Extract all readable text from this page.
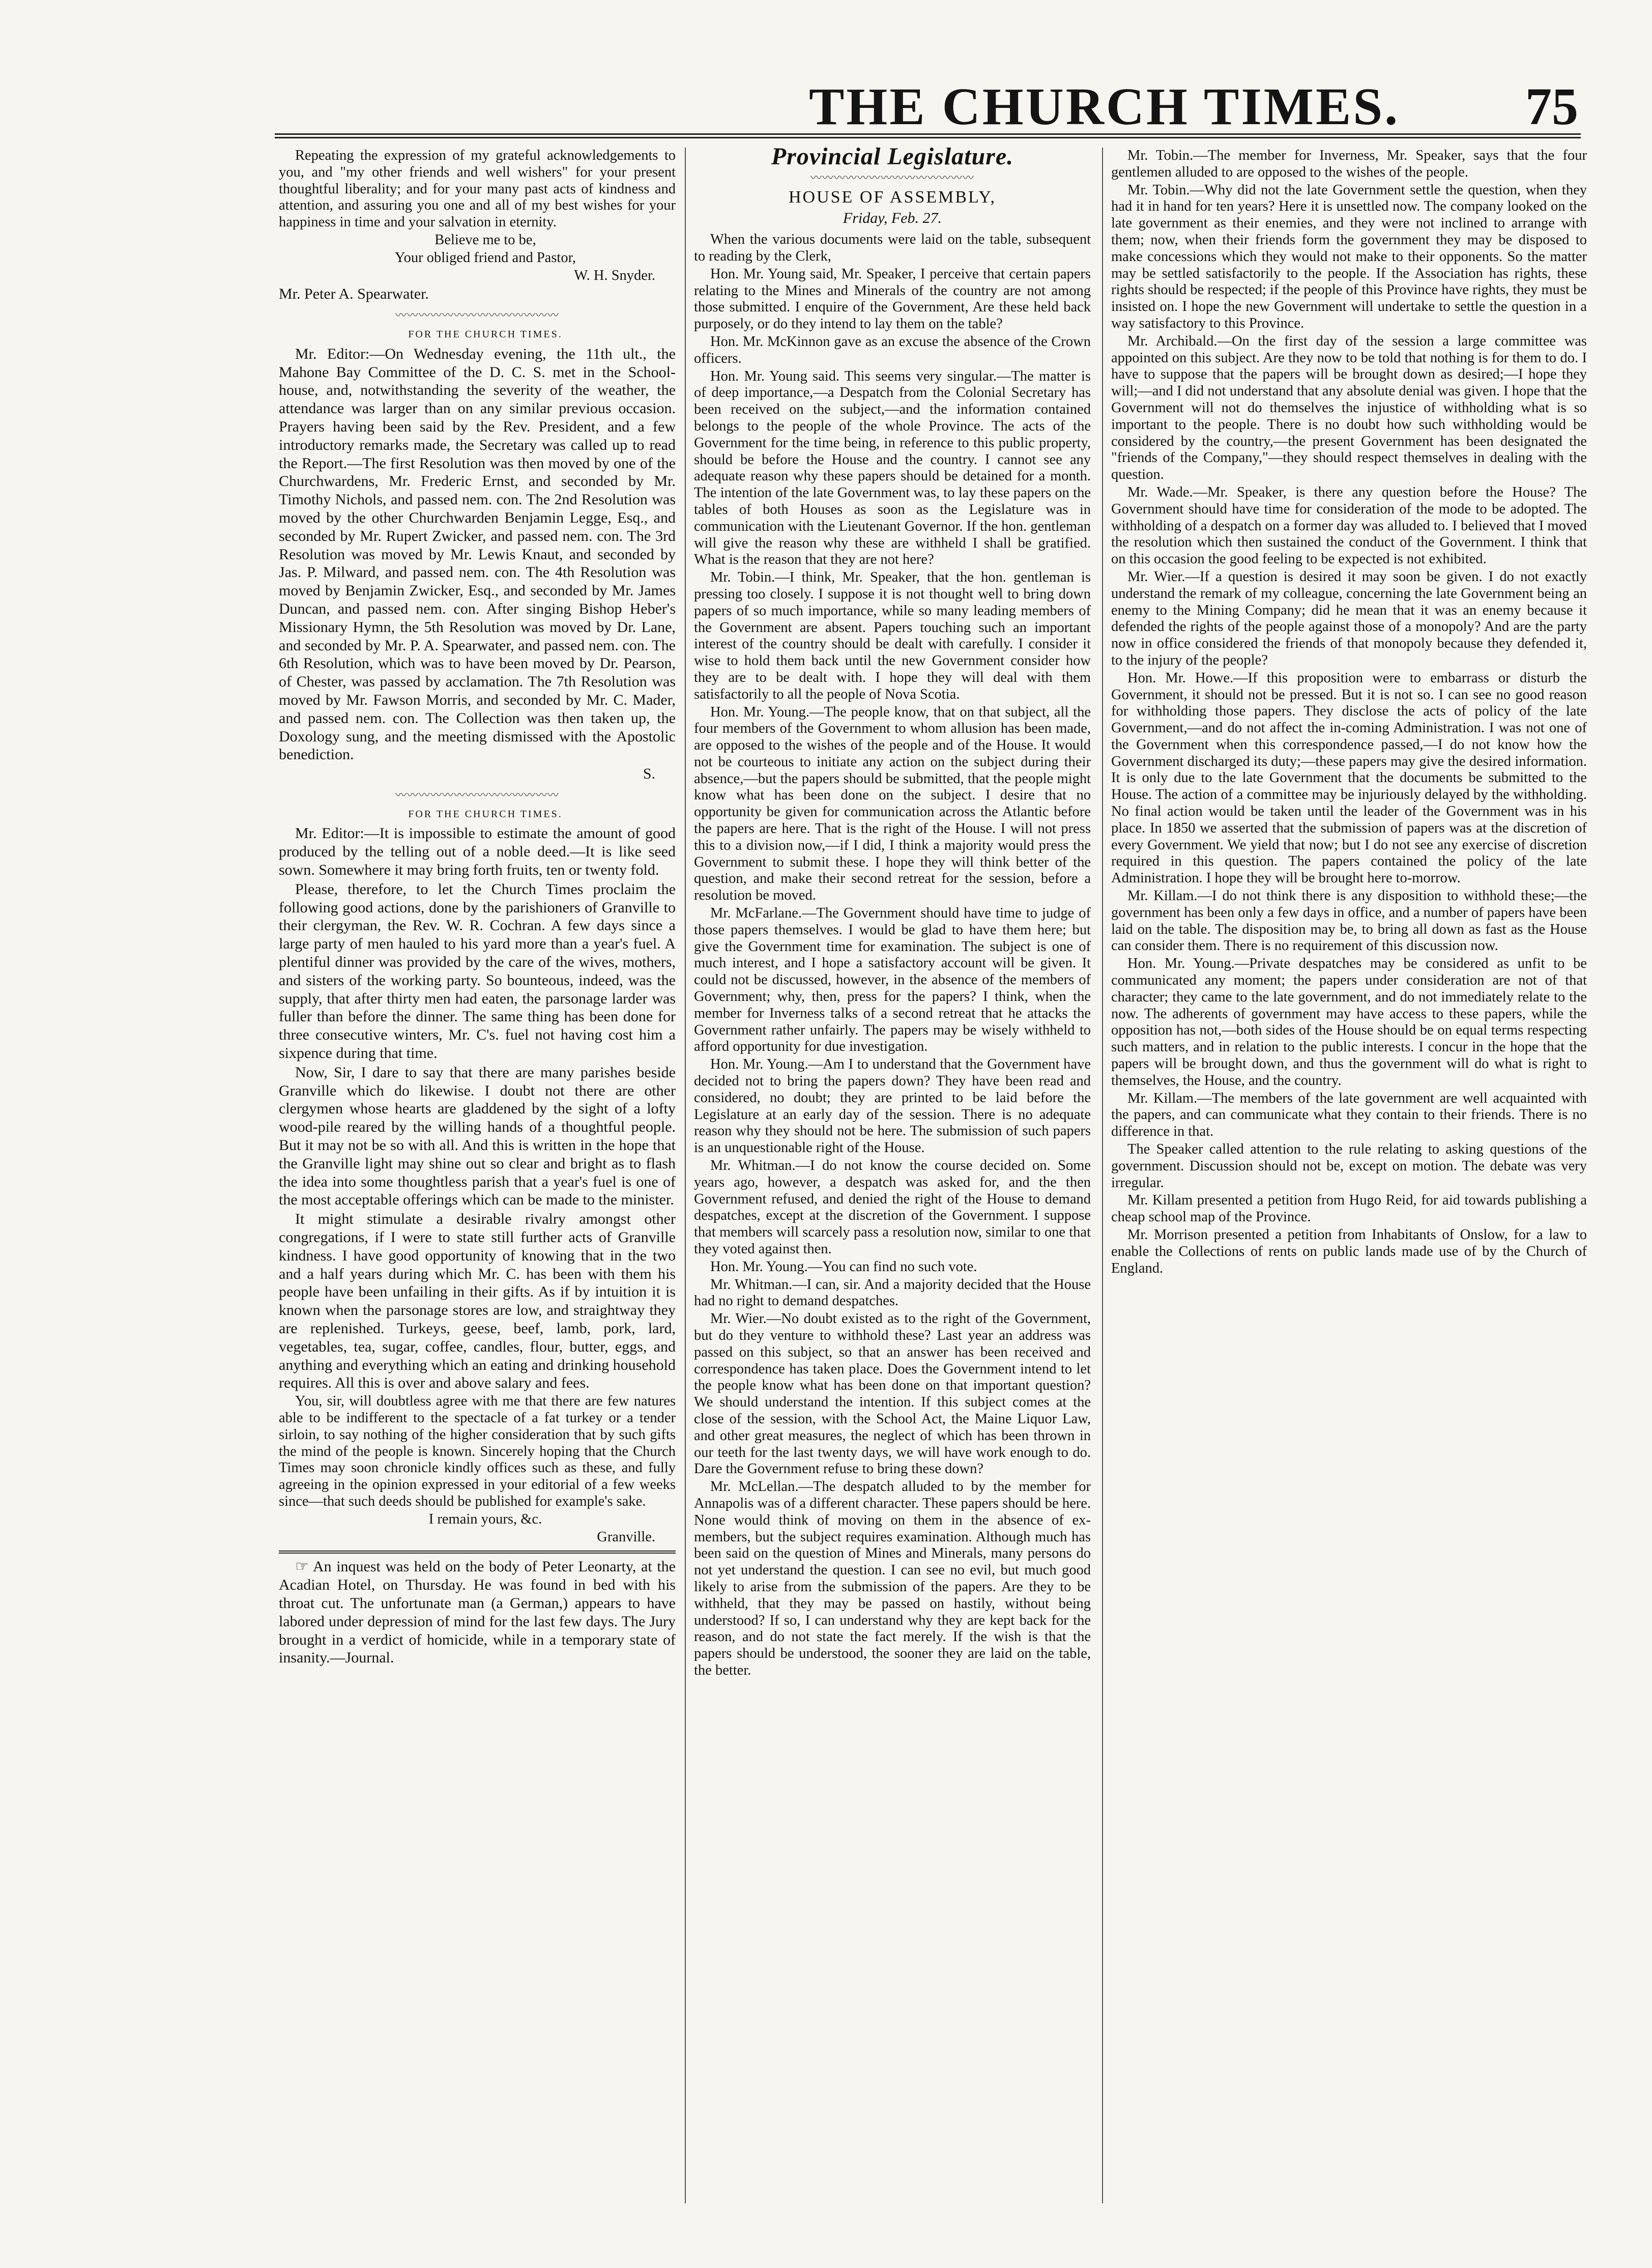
THE CHURCH TIMES. 75

Repeating the expression of my grateful acknowledgements to you, and "my other friends and well wishers" for your present thoughtful liberality; and for your many past acts of kindness and attention, and assuring you one and all of my best wishes for your happiness in time and your salvation in eternity.

Believe me to be,

Your obliged friend and Pastor,

W. H. Snyder.

Mr. Peter A. Spearwater.

〰〰〰〰〰〰〰〰〰〰〰〰〰〰

FOR THE CHURCH TIMES.

Mr. Editor:—On Wednesday evening, the 11th ult., the Mahone Bay Committee of the D. C. S. met in the School-house, and, notwithstanding the severity of the weather, the attendance was larger than on any similar previous occasion. Prayers having been said by the Rev. President, and a few introductory remarks made, the Secretary was called up to read the Report.—The first Resolution was then moved by one of the Churchwardens, Mr. Frederic Ernst, and seconded by Mr. Timothy Nichols, and passed nem. con. The 2nd Resolution was moved by the other Churchwarden Benjamin Legge, Esq., and seconded by Mr. Rupert Zwicker, and passed nem. con. The 3rd Resolution was moved by Mr. Lewis Knaut, and seconded by Jas. P. Milward, and passed nem. con. The 4th Resolution was moved by Benjamin Zwicker, Esq., and seconded by Mr. James Duncan, and passed nem. con. After singing Bishop Heber's Missionary Hymn, the 5th Resolution was moved by Dr. Lane, and seconded by Mr. P. A. Spearwater, and passed nem. con. The 6th Resolution, which was to have been moved by Dr. Pearson, of Chester, was passed by acclamation. The 7th Resolution was moved by Mr. Fawson Morris, and seconded by Mr. C. Mader, and passed nem. con. The Collection was then taken up, the Doxology sung, and the meeting dismissed with the Apostolic benediction.

S.

〰〰〰〰〰〰〰〰〰〰〰〰〰〰

FOR THE CHURCH TIMES.

Mr. Editor:—It is impossible to estimate the amount of good produced by the telling out of a noble deed.—It is like seed sown. Somewhere it may bring forth fruits, ten or twenty fold.

Please, therefore, to let the Church Times proclaim the following good actions, done by the parishioners of Granville to their clergyman, the Rev. W. R. Cochran. A few days since a large party of men hauled to his yard more than a year's fuel. A plentiful dinner was provided by the care of the wives, mothers, and sisters of the working party. So bounteous, indeed, was the supply, that after thirty men had eaten, the parsonage larder was fuller than before the dinner. The same thing has been done for three consecutive winters, Mr. C's. fuel not having cost him a sixpence during that time.

Now, Sir, I dare to say that there are many parishes beside Granville which do likewise. I doubt not there are other clergymen whose hearts are gladdened by the sight of a lofty wood-pile reared by the willing hands of a thoughtful people. But it may not be so with all. And this is written in the hope that the Granville light may shine out so clear and bright as to flash the idea into some thoughtless parish that a year's fuel is one of the most acceptable offerings which can be made to the minister.

It might stimulate a desirable rivalry amongst other congregations, if I were to state still further acts of Granville kindness. I have good opportunity of knowing that in the two and a half years during which Mr. C. has been with them his people have been unfailing in their gifts. As if by intuition it is known when the parsonage stores are low, and straightway they are replenished. Turkeys, geese, beef, lamb, pork, lard, vegetables, tea, sugar, coffee, candles, flour, butter, eggs, and anything and everything which an eating and drinking household requires. All this is over and above salary and fees.

You, sir, will doubtless agree with me that there are few natures able to be indifferent to the spectacle of a fat turkey or a tender sirloin, to say nothing of the higher consideration that by such gifts the mind of the people is known. Sincerely hoping that the Church Times may soon chronicle kindly offices such as these, and fully agreeing in the opinion expressed in your editorial of a few weeks since—that such deeds should be published for example's sake.

I remain yours, &c.

Granville.

☞ An inquest was held on the body of Peter Leonarty, at the Acadian Hotel, on Thursday. He was found in bed with his throat cut. The unfortunate man (a German,) appears to have labored under depression of mind for the last few days. The Jury brought in a verdict of homicide, while in a temporary state of insanity.—Journal.

Provincial Legislature.
〰〰〰〰〰〰〰〰〰〰〰〰〰〰
HOUSE OF ASSEMBLY,
Friday, Feb. 27.

When the various documents were laid on the table, subsequent to reading by the Clerk,

Hon. Mr. Young said, Mr. Speaker, I perceive that certain papers relating to the Mines and Minerals of the country are not among those submitted. I enquire of the Government, Are these held back purposely, or do they intend to lay them on the table?

Hon. Mr. McKinnon gave as an excuse the absence of the Crown officers.

Hon. Mr. Young said. This seems very singular.—The matter is of deep importance,—a Despatch from the Colonial Secretary has been received on the subject,—and the information contained belongs to the people of the whole Province. The acts of the Government for the time being, in reference to this public property, should be before the House and the country. I cannot see any adequate reason why these papers should be detained for a month. The intention of the late Government was, to lay these papers on the tables of both Houses as soon as the Legislature was in communication with the Lieutenant Governor. If the hon. gentleman will give the reason why these are withheld I shall be gratified. What is the reason that they are not here?

Mr. Tobin.—I think, Mr. Speaker, that the hon. gentleman is pressing too closely. I suppose it is not thought well to bring down papers of so much importance, while so many leading members of the Government are absent. Papers touching such an important interest of the country should be dealt with carefully. I consider it wise to hold them back until the new Government consider how they are to be dealt with. I hope they will deal with them satisfactorily to all the people of Nova Scotia.

Hon. Mr. Young.—The people know, that on that subject, all the four members of the Government to whom allusion has been made, are opposed to the wishes of the people and of the House. It would not be courteous to initiate any action on the subject during their absence,—but the papers should be submitted, that the people might know what has been done on the subject. I desire that no opportunity be given for communication across the Atlantic before the papers are here. That is the right of the House. I will not press this to a division now,—if I did, I think a majority would press the Government to submit these. I hope they will think better of the question, and make their second retreat for the session, before a resolution be moved.

Mr. McFarlane.—The Government should have time to judge of those papers themselves. I would be glad to have them here; but give the Government time for examination. The subject is one of much interest, and I hope a satisfactory account will be given. It could not be discussed, however, in the absence of the members of Government; why, then, press for the papers? I think, when the member for Inverness talks of a second retreat that he attacks the Government rather unfairly. The papers may be wisely withheld to afford opportunity for due investigation.

Hon. Mr. Young.—Am I to understand that the Government have decided not to bring the papers down? They have been read and considered, no doubt; they are printed to be laid before the Legislature at an early day of the session. There is no adequate reason why they should not be here. The submission of such papers is an unquestionable right of the House.

Mr. Whitman.—I do not know the course decided on. Some years ago, however, a despatch was asked for, and the then Government refused, and denied the right of the House to demand despatches, except at the discretion of the Government. I suppose that members will scarcely pass a resolution now, similar to one that they voted against then.

Hon. Mr. Young.—You can find no such vote.

Mr. Whitman.—I can, sir. And a majority decided that the House had no right to demand despatches.

Mr. Wier.—No doubt existed as to the right of the Government, but do they venture to withhold these? Last year an address was passed on this subject, so that an answer has been received and correspondence has taken place. Does the Government intend to let the people know what has been done on that important question? We should understand the intention. If this subject comes at the close of the session, with the School Act, the Maine Liquor Law, and other great measures, the neglect of which has been thrown in our teeth for the last twenty days, we will have work enough to do. Dare the Government refuse to bring these down?

Mr. McLellan.—The despatch alluded to by the member for Annapolis was of a different character. These papers should be here. None would think of moving on them in the absence of ex-members, but the subject requires examination. Although much has been said on the question of Mines and Minerals, many persons do not yet understand the question. I can see no evil, but much good likely to arise from the submission of the papers. Are they to be withheld, that they may be passed on hastily, without being understood? If so, I can understand why they are kept back for the reason, and do not state the fact merely. If the wish is that the papers should be understood, the sooner they are laid on the table, the better.

Mr. Tobin.—The member for Inverness, Mr. Speaker, says that the four gentlemen alluded to are opposed to the wishes of the people.

Mr. Tobin.—Why did not the late Government settle the question, when they had it in hand for ten years? Here it is unsettled now. The company looked on the late government as their enemies, and they were not inclined to arrange with them; now, when their friends form the government they may be disposed to make concessions which they would not make to their opponents. So the matter may be settled satisfactorily to the people. If the Association has rights, these rights should be respected; if the people of this Province have rights, they must be insisted on. I hope the new Government will undertake to settle the question in a way satisfactory to this Province.

Mr. Archibald.—On the first day of the session a large committee was appointed on this subject. Are they now to be told that nothing is for them to do. I have to suppose that the papers will be brought down as desired;—I hope they will;—and I did not understand that any absolute denial was given. I hope that the Government will not do themselves the injustice of withholding what is so important to the people. There is no doubt how such withholding would be considered by the country,—the present Government has been designated the "friends of the Company,"—they should respect themselves in dealing with the question.

Mr. Wade.—Mr. Speaker, is there any question before the House? The Government should have time for consideration of the mode to be adopted. The withholding of a despatch on a former day was alluded to. I believed that I moved the resolution which then sustained the conduct of the Government. I think that on this occasion the good feeling to be expected is not exhibited.

Mr. Wier.—If a question is desired it may soon be given. I do not exactly understand the remark of my colleague, concerning the late Government being an enemy to the Mining Company; did he mean that it was an enemy because it defended the rights of the people against those of a monopoly? And are the party now in office considered the friends of that monopoly because they defended it, to the injury of the people?

Hon. Mr. Howe.—If this proposition were to embarrass or disturb the Government, it should not be pressed. But it is not so. I can see no good reason for withholding those papers. They disclose the acts of policy of the late Government,—and do not affect the in-coming Administration. I was not one of the Government when this correspondence passed,—I do not know how the Government discharged its duty;—these papers may give the desired information. It is only due to the late Government that the documents be submitted to the House. The action of a committee may be injuriously delayed by the withholding. No final action would be taken until the leader of the Government was in his place. In 1850 we asserted that the submission of papers was at the discretion of every Government. We yield that now; but I do not see any exercise of discretion required in this question. The papers contained the policy of the late Administration. I hope they will be brought here to-morrow.

Mr. Killam.—I do not think there is any disposition to withhold these;—the government has been only a few days in office, and a number of papers have been laid on the table. The disposition may be, to bring all down as fast as the House can consider them. There is no requirement of this discussion now.

Hon. Mr. Young.—Private despatches may be considered as unfit to be communicated any moment; the papers under consideration are not of that character; they came to the late government, and do not immediately relate to the now. The adherents of government may have access to these papers, while the opposition has not,—both sides of the House should be on equal terms respecting such matters, and in relation to the public interests. I concur in the hope that the papers will be brought down, and thus the government will do what is right to themselves, the House, and the country.

Mr. Killam.—The members of the late government are well acquainted with the papers, and can communicate what they contain to their friends. There is no difference in that.

The Speaker called attention to the rule relating to asking questions of the government. Discussion should not be, except on motion. The debate was very irregular.

Mr. Killam presented a petition from Hugo Reid, for aid towards publishing a cheap school map of the Province.

Mr. Morrison presented a petition from Inhabitants of Onslow, for a law to enable the Collections of rents on public lands made use of by the Church of England.
